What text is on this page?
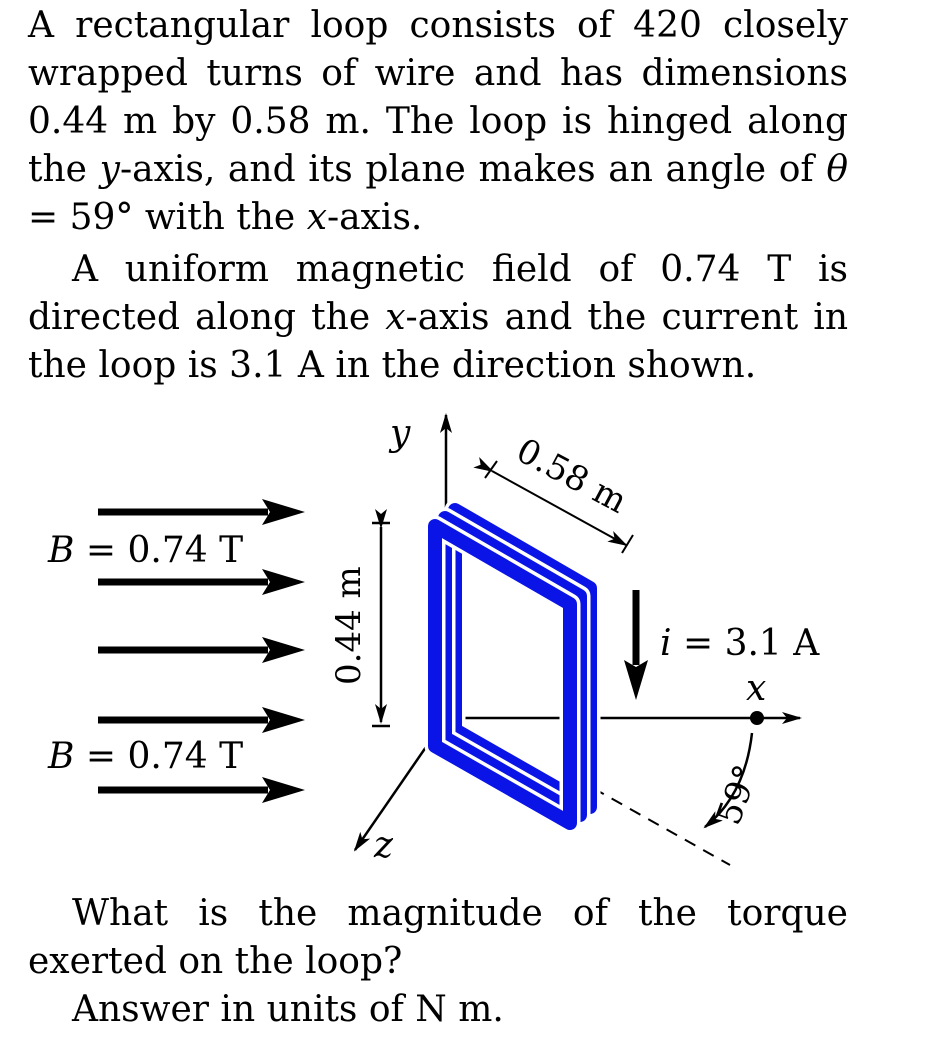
A rectangular loop consists of 420 closely wrapped turns of wire and has dimensions 0.44 m by 0.58 m. The loop is hinged along the y-axis, and its plane makes an angle of θ = 59° with the x-axis.
A uniform magnetic field of 0.74 T is directed along the x-axis and the current in the loop is 3.1 A in the direction shown.
B = 0.74 T
B = 0.74 T
y
x
z
59°
0.58 m
0.44 m	i = 3.1 A
What is the magnitude of the torque exerted on the loop?
Answer in units of N m.
